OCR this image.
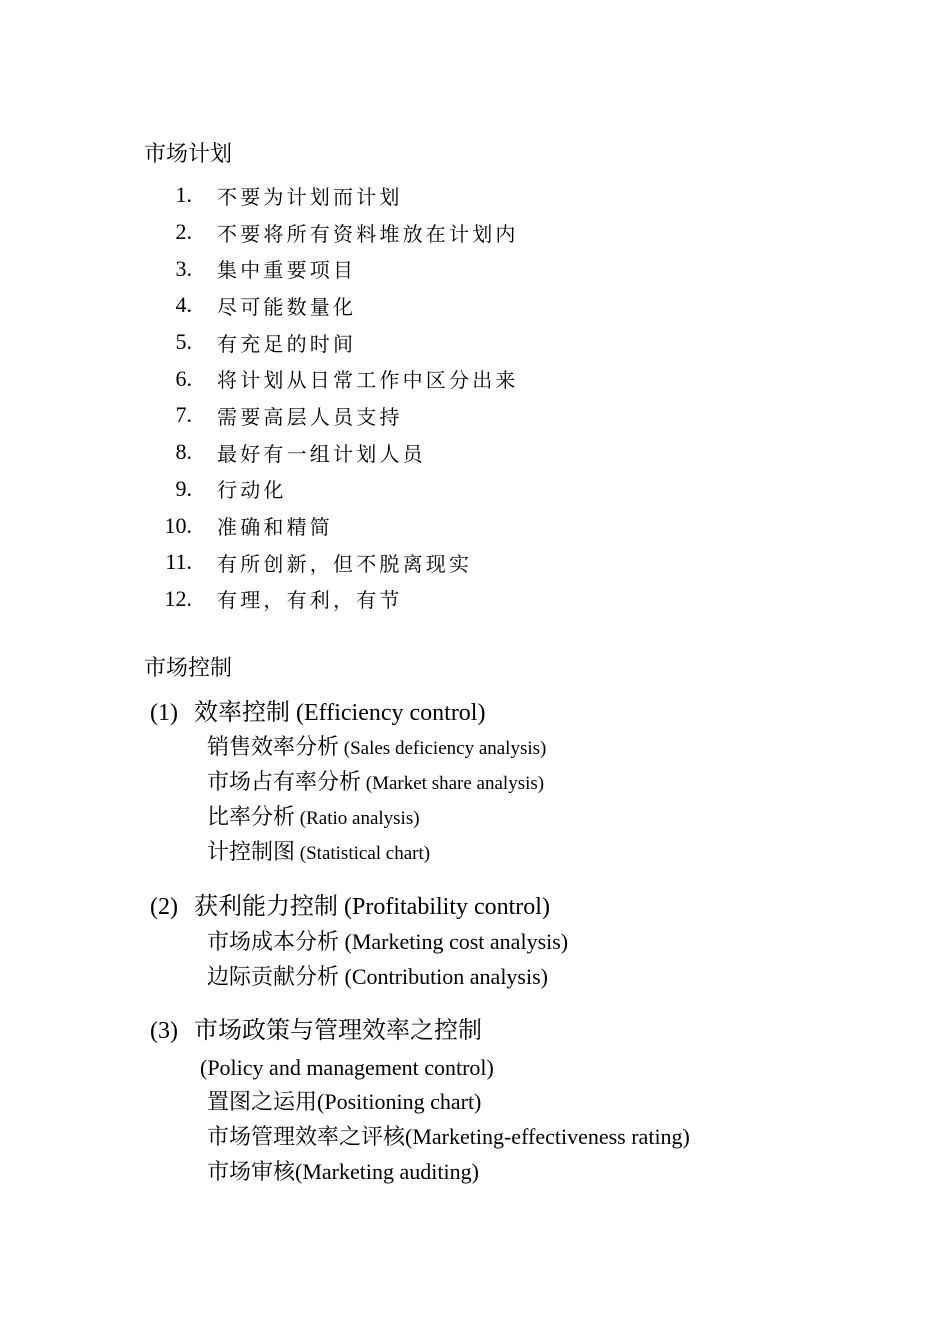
市场计划
1. 不要为计划而计划
2. 不要将所有资料堆放在计划内
3. 集中重要项目
4. 尽可能数量化
5. 有充足的时间
6. 将计划从日常工作中区分出来
7. 需要高层人员支持
8. 最好有一组计划人员
9. 行动化
10. 准确和精简
11. 有所创新，但不脱离现实
12. 有理，有利，有节
市场控制
(1) 效率控制 (Efficiency control)
销售效率分析 (Sales deficiency analysis)
市场占有率分析 (Market share analysis)
比率分析 (Ratio analysis)
计控制图 (Statistical chart)
(2) 获利能力控制 (Profitability control)
市场成本分析 (Marketing cost analysis)
边际贡献分析 (Contribution analysis)
(3) 市场政策与管理效率之控制
(Policy and management control)
置图之运用(Positioning chart)
市场管理效率之评核(Marketing-effectiveness rating)
市场审核(Marketing auditing)
